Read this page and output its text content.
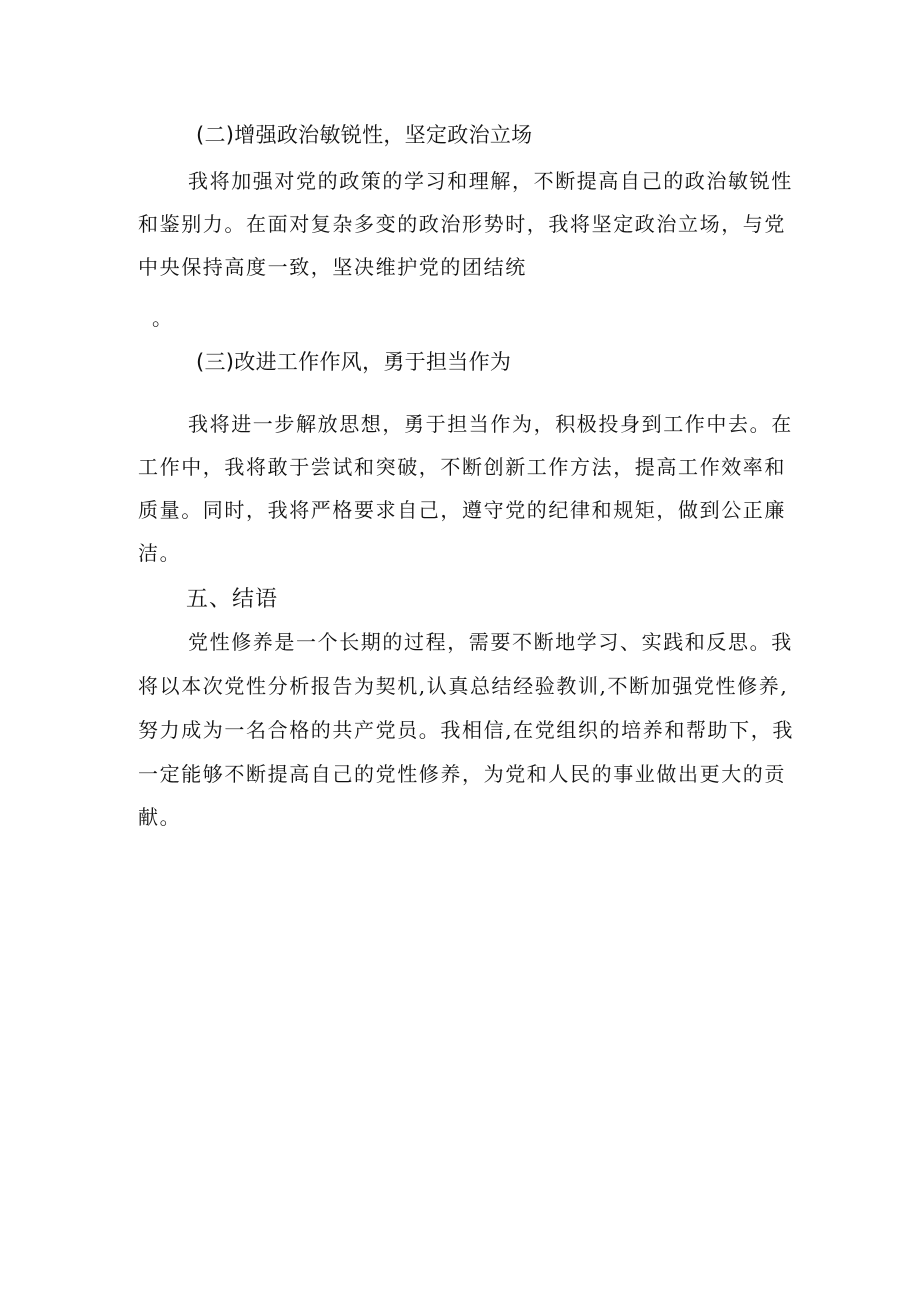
(二)增强政治敏锐性，坚定政治立场
我将加强对党的政策的学习和理解，不断提高自己的政治敏锐性
和鉴别力。在面对复杂多变的政治形势时，我将坚定政治立场，与党
中央保持高度一致，坚决维护党的团结统
。
(三)改进工作作风，勇于担当作为
我将进一步解放思想，勇于担当作为，积极投身到工作中去。在
工作中，我将敢于尝试和突破，不断创新工作方法，提高工作效率和
质量。同时，我将严格要求自己，遵守党的纪律和规矩，做到公正廉
洁。
五、结语
党性修养是一个长期的过程，需要不断地学习、实践和反思。我
将以本次党性分析报告为契机,认真总结经验教训,不断加强党性修养,
努力成为一名合格的共产党员。我相信,在党组织的培养和帮助下，我
一定能够不断提高自己的党性修养，为党和人民的事业做出更大的贡
献。
